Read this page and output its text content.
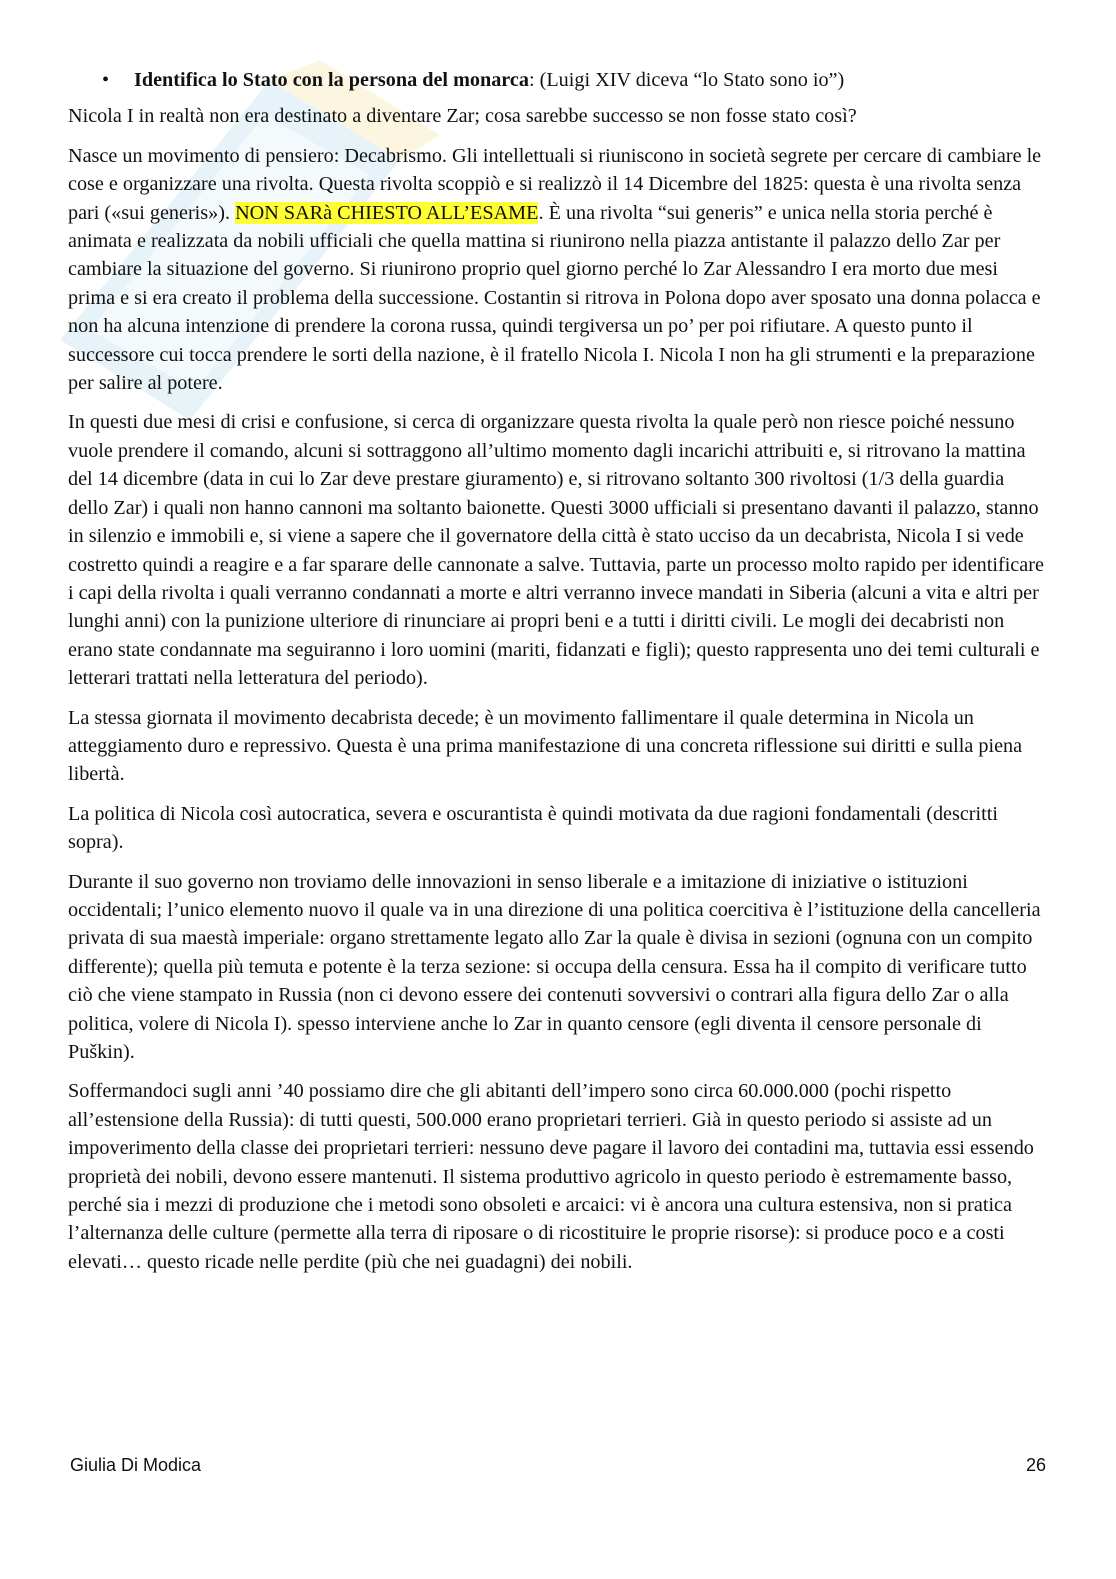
•	Identifica lo Stato con la persona del monarca: (Luigi XIV diceva “lo Stato sono io”)

Nicola I in realtà non era destinato a diventare Zar; cosa sarebbe successo se non fosse stato così?

Nasce un movimento di pensiero: Decabrismo. Gli intellettuali si riuniscono in società segrete per cercare di cambiare le cose e organizzare una rivolta. Questa rivolta scoppiò e si realizzò il 14 Dicembre del 1825: questa è una rivolta senza pari («sui generis»). NON SARà CHIESTO ALL’ESAME. È una rivolta “sui generis” e unica nella storia perché è animata e realizzata da nobili ufficiali che quella mattina si riunirono nella piazza antistante il palazzo dello Zar per cambiare la situazione del governo. Si riunirono proprio quel giorno perché lo Zar Alessandro I era morto due mesi prima e si era creato il problema della successione. Costantin si ritrova in Polona dopo aver sposato una donna polacca e non ha alcuna intenzione di prendere la corona russa, quindi tergiversa un po’ per poi rifiutare. A questo punto il successore cui tocca prendere le sorti della nazione, è il fratello Nicola I. Nicola I non ha gli strumenti e la preparazione per salire al potere.

In questi due mesi di crisi e confusione, si cerca di organizzare questa rivolta la quale però non riesce poiché nessuno vuole prendere il comando, alcuni si sottraggono all’ultimo momento dagli incarichi attribuiti e, si ritrovano la mattina del 14 dicembre (data in cui lo Zar deve prestare giuramento) e, si ritrovano soltanto 300 rivoltosi (1/3 della guardia dello Zar) i quali non hanno cannoni ma soltanto baionette. Questi 3000 ufficiali si presentano davanti il palazzo, stanno in silenzio e immobili e, si viene a sapere che il governatore della città è stato ucciso da un decabrista, Nicola I si vede costretto quindi a reagire e a far sparare delle cannonate a salve. Tuttavia, parte un processo molto rapido per identificare i capi della rivolta i quali verranno condannati a morte e altri verranno invece mandati in Siberia (alcuni a vita e altri per lunghi anni) con la punizione ulteriore di rinunciare ai propri beni e a tutti i diritti civili. Le mogli dei decabristi non erano state condannate ma seguiranno i loro uomini (mariti, fidanzati e figli); questo rappresenta uno dei temi culturali e letterari trattati nella letteratura del periodo).

La stessa giornata il movimento decabrista decede; è un movimento fallimentare il quale determina in Nicola un atteggiamento duro e repressivo. Questa è una prima manifestazione di una concreta riflessione sui diritti e sulla piena libertà.

La politica di Nicola così autocratica, severa e oscurantista è quindi motivata da due ragioni fondamentali (descritti sopra).

Durante il suo governo non troviamo delle innovazioni in senso liberale e a imitazione di iniziative o istituzioni occidentali; l’unico elemento nuovo il quale va in una direzione di una politica coercitiva è l’istituzione della cancelleria privata di sua maestà imperiale: organo strettamente legato allo Zar la quale è divisa in sezioni (ognuna con un compito differente); quella più temuta e potente è la terza sezione: si occupa della censura. Essa ha il compito di verificare tutto ciò che viene stampato in Russia (non ci devono essere dei contenuti sovversivi o contrari alla figura dello Zar o alla politica, volere di Nicola I). spesso interviene anche lo Zar in quanto censore (egli diventa il censore personale di Puškin).

Soffermandoci sugli anni ’40 possiamo dire che gli abitanti dell’impero sono circa 60.000.000 (pochi rispetto all’estensione della Russia): di tutti questi, 500.000 erano proprietari terrieri. Già in questo periodo si assiste ad un impoverimento della classe dei proprietari terrieri: nessuno deve pagare il lavoro dei contadini ma, tuttavia essi essendo proprietà dei nobili, devono essere mantenuti. Il sistema produttivo agricolo in questo periodo è estremamente basso, perché sia i mezzi di produzione che i metodi sono obsoleti e arcaici: vi è ancora una cultura estensiva, non si pratica l’alternanza delle culture (permette alla terra di riposare o di ricostituire le proprie risorse): si produce poco e a costi elevati… questo ricade nelle perdite (più che nei guadagni) dei nobili.

Giulia Di Modica	26
